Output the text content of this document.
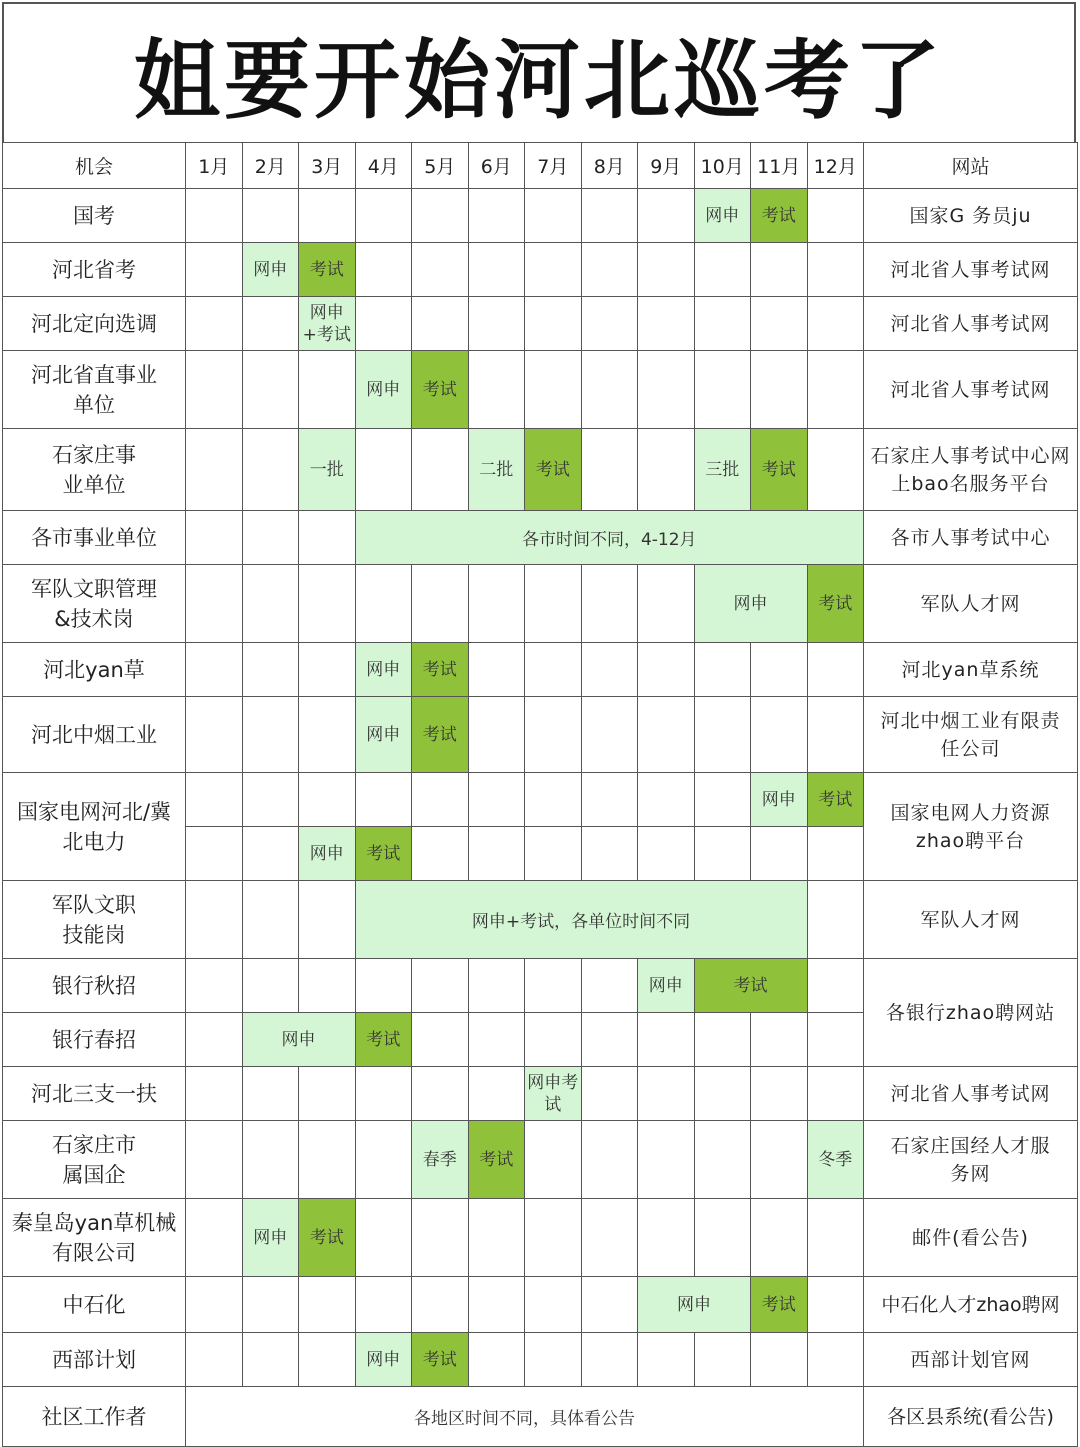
姐要开始河北巡考了
机会	1月	2月	3月	4月	5月	6月	7月	8月	9月	10月	11月	12月	网站
国考										网申	考试		国家G 务员ju
河北省考		网申	考试										河北省人事考试网
河北定向选调			网申+考试										河北省人事考试网
河北省直事业单位				网申	考试								河北省人事考试网
石家庄事业单位			一批			二批	考试			三批	考试		石家庄人事考试中心网上bao名服务平台
各市事业单位				各市时间不同，4-12月									各市人事考试中心
军队文职管理&技术岗										网申		考试	军队人才网
河北yan草				网申	考试								河北yan草系统
河北中烟工业				网申	考试								河北中烟工业有限责任公司
国家电网河北/冀北电力											网申	考试	国家电网人力资源zhao聘平台
			网申	考试									
军队文职技能岗				网申+考试，各单位时间不同									军队人才网
银行秋招									网申	考试			各银行zhao聘网站
银行春招		网申		考试									
河北三支一扶							网申考试						河北省人事考试网
石家庄市属国企					春季	考试						冬季	石家庄国经人才服务网
秦皇岛yan草机械有限公司		网申	考试										邮件(看公告)
中石化									网申		考试		中石化人才zhao聘网
西部计划				网申	考试								西部计划官网
社区工作者	各地区时间不同，具体看公告												各区县系统(看公告)
